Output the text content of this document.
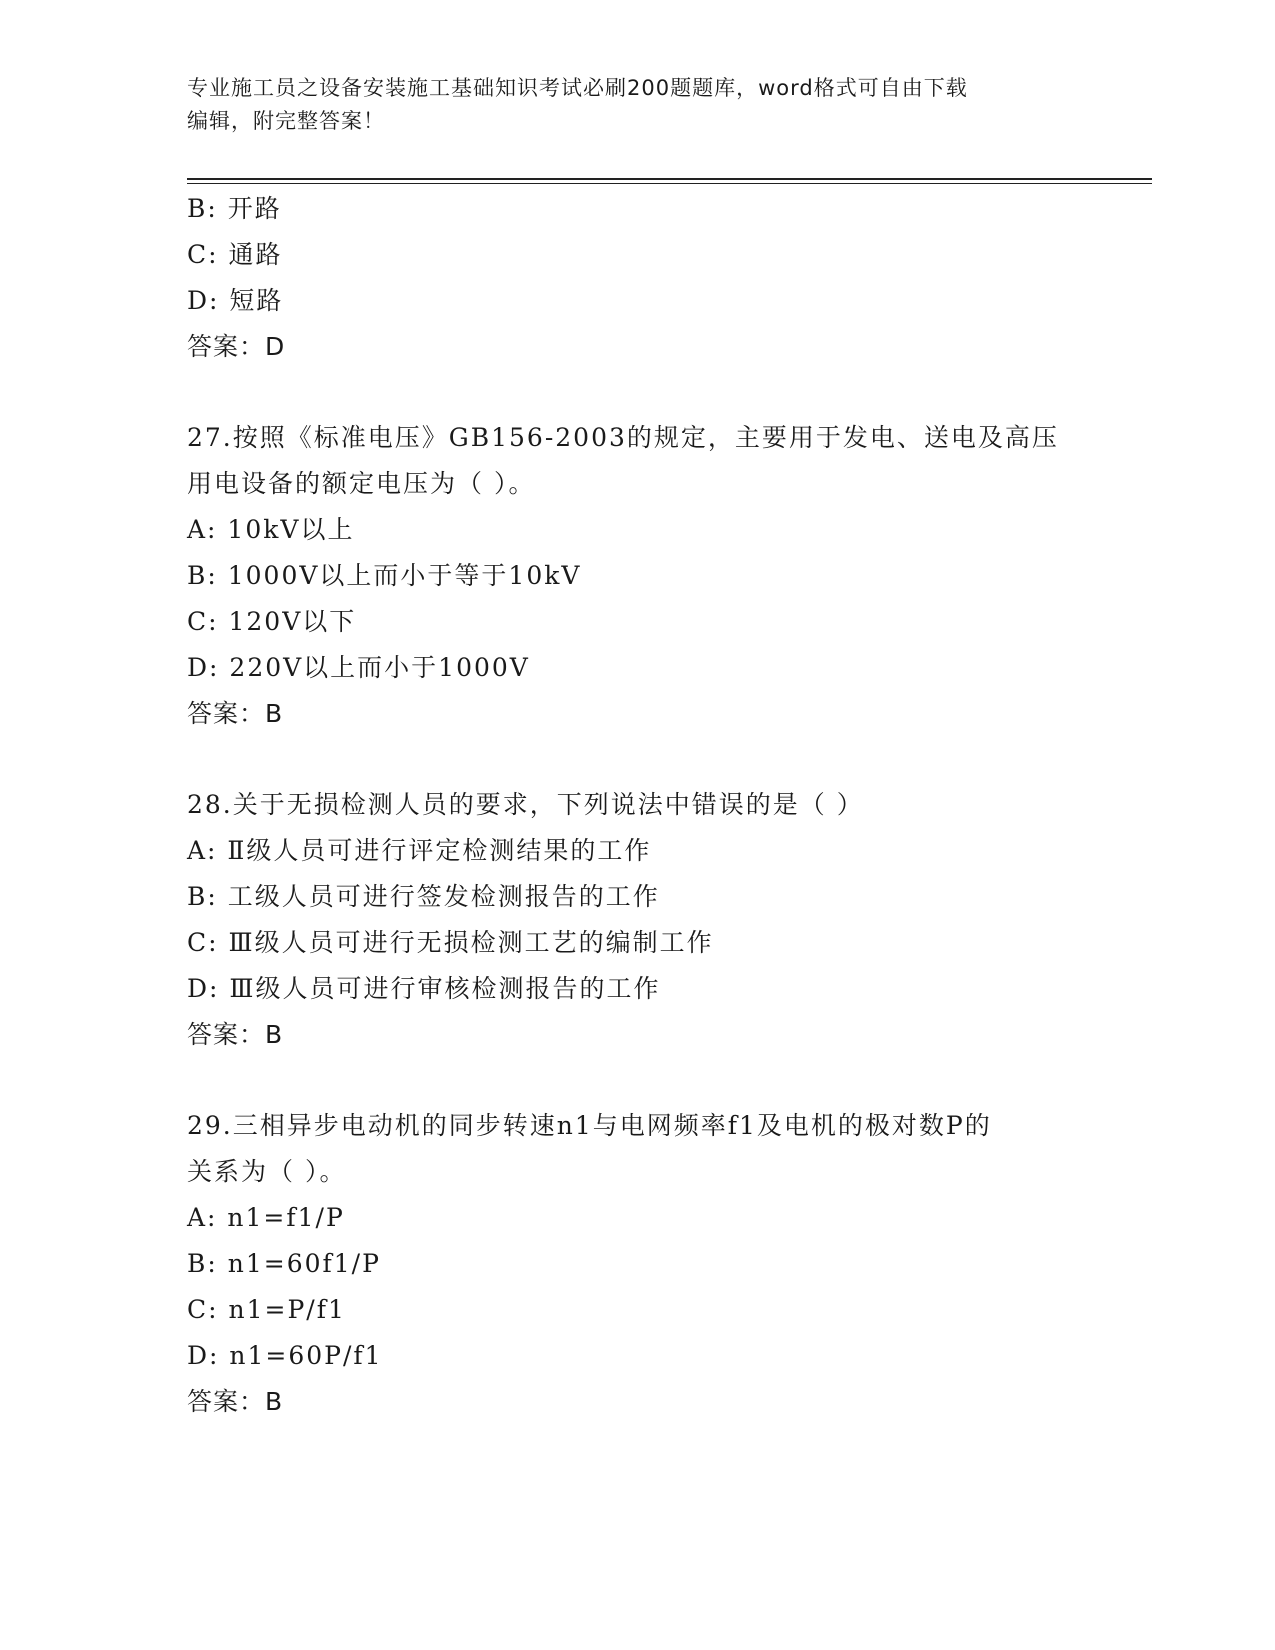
专业施工员之设备安装施工基础知识考试必刷200题题库，word格式可自由下载
编辑，附完整答案！
B: 开路
C: 通路
D: 短路
答案：D
27.按照《标准电压》GB156-2003的规定，主要用于发电、送电及高压
用电设备的额定电压为（ ）。
A: 10kV以上
B: 1000V以上而小于等于10kV
C: 120V以下
D: 220V以上而小于1000V
答案：B
28.关于无损检测人员的要求，下列说法中错误的是（ ）
A: Ⅱ级人员可进行评定检测结果的工作
B: 工级人员可进行签发检测报告的工作
C: Ⅲ级人员可进行无损检测工艺的编制工作
D: Ⅲ级人员可进行审核检测报告的工作
答案：B
29.三相异步电动机的同步转速n1与电网频率f1及电机的极对数P的
关系为（ ）。
A: n1=f1/P
B: n1=60f1/P
C: n1=P/f1
D: n1=60P/f1
答案：B
